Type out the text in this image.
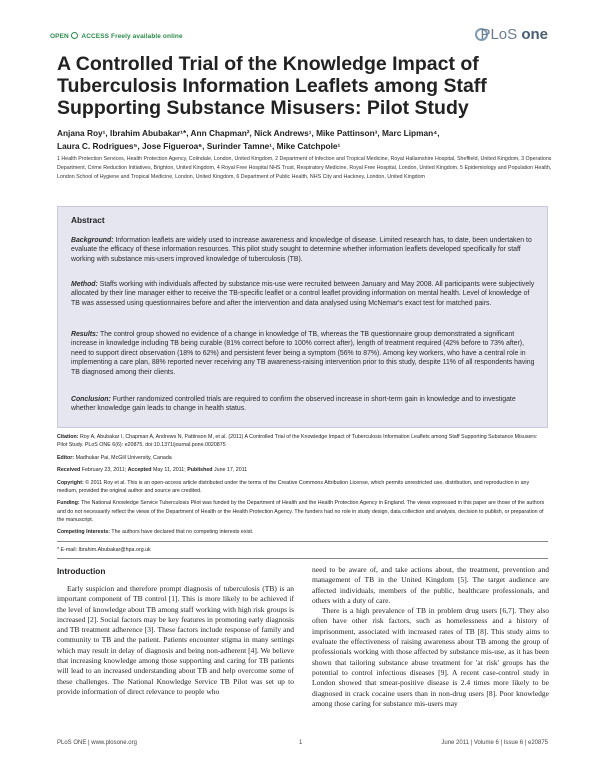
OPEN ACCESS Freely available online	PLoS one
A Controlled Trial of the Knowledge Impact of Tuberculosis Information Leaflets among Staff Supporting Substance Misusers: Pilot Study
Anjana Roy¹, Ibrahim Abubakar¹*, Ann Chapman², Nick Andrews¹, Mike Pattinson³, Marc Lipman⁴,
Laura C. Rodrigues⁵, Jose Figueroa⁶, Surinder Tamne¹, Mike Catchpole¹
1 Health Protection Services, Health Protection Agency, Colindale, London, United Kingdom, 2 Department of Infection and Tropical Medicine, Royal Hallamshire Hospital, Sheffield, United Kingdom, 3 Operations Department, Crime Reduction Initiatives, Brighton, United Kingdom, 4 Royal Free Hospital NHS Trust, Respiratory Medicine, Royal Free Hospital, London, United Kingdom, 5 Epidemiology and Population Health, London School of Hygiene and Tropical Medicine, London, United Kingdom, 6 Department of Public Health, NHS City and Hackney, London, United Kingdom
Abstract
Background: Information leaflets are widely used to increase awareness and knowledge of disease. Limited research has, to date, been undertaken to evaluate the efficacy of these information resources. This pilot study sought to determine whether information leaflets developed specifically for staff working with substance mis-users improved knowledge of tuberculosis (TB).
Method: Staffs working with individuals affected by substance mis-use were recruited between January and May 2008. All participants were subjectively allocated by their line manager either to receive the TB-specific leaflet or a control leaflet providing information on mental health. Level of knowledge of TB was assessed using questionnaires before and after the intervention and data analysed using McNemar's exact test for matched pairs.
Results: The control group showed no evidence of a change in knowledge of TB, whereas the TB questionnaire group demonstrated a significant increase in knowledge including TB being curable (81% correct before to 100% correct after), length of treatment required (42% before to 73% after), need to support direct observation (18% to 62%) and persistent fever being a symptom (56% to 87%). Among key workers, who have a central role in implementing a care plan, 88% reported never receiving any TB awareness-raising intervention prior to this study, despite 11% of all respondents having TB diagnosed among their clients.
Conclusion: Further randomized controlled trials are required to confirm the observed increase in short-term gain in knowledge and to investigate whether knowledge gain leads to change in health status.

Citation: Roy A, Abubakar I, Chapman A, Andrews N, Pattinson M, et al. (2011) A Controlled Trial of the Knowledge Impact of Tuberculosis Information Leaflets among Staff Supporting Substance Misusers: Pilot Study. PLoS ONE 6(6): e20875. doi:10.1371/journal.pone.0020875

Editor: Madhukar Pai, McGill University, Canada

Received February 23, 2011; Accepted May 11, 2011; Published June 17, 2011

Copyright: © 2011 Roy et al. This is an open-access article distributed under the terms of the Creative Commons Attribution License, which permits unrestricted use, distribution, and reproduction in any medium, provided the original author and source are credited.

Funding: The National Knowledge Service Tuberculosis Pilot was funded by the Department of Health and the Health Protection Agency in England. The views expressed in this paper are those of the authors and do not necessarily reflect the views of the Department of Health or the Health Protection Agency. The funders had no role in study design, data collection and analysis, decision to publish, or preparation of the manuscript.

Competing Interests: The authors have declared that no competing interests exist.

* E-mail: Ibrahim.Abubakar@hpa.org.uk

Introduction

Early suspicion and therefore prompt diagnosis of tuberculosis (TB) is an important component of TB control [1]. This is more likely to be achieved if the level of knowledge about TB among staff working with high risk groups is increased [2]. Social factors may be key features in promoting early diagnosis and TB treatment adherence [3]. These factors include response of family and community to TB and the patient. Patients encounter stigma in many settings which may result in delay of diagnosis and being non-adherent [4]. We believe that increasing knowledge among those supporting and caring for TB patients will lead to an increased understanding about TB and help overcome some of these challenges. The National Knowledge Service TB Pilot was set up to provide information of direct relevance to people who

need to be aware of, and take actions about, the treatment, prevention and management of TB in the United Kingdom [5]. The target audience are affected individuals, members of the public, healthcare professionals, and others with a duty of care.

There is a high prevalence of TB in problem drug users [6,7]. They also often have other risk factors, such as homelessness and a history of imprisonment, associated with increased rates of TB [8]. This study aims to evaluate the effectiveness of raising awareness about TB among the group of professionals working with those affected by substance mis-use, as it has been shown that tailoring substance abuse treatment for 'at risk' groups has the potential to control infectious diseases [9]. A recent case-control study in London showed that smear-positive disease is 2.4 times more likely to be diagnosed in crack cocaine users than in non-drug users [8]. Poor knowledge among those caring for substance mis-users may

PLoS ONE | www.plosone.org	1	June 2011 | Volume 6 | Issue 6 | e20875
